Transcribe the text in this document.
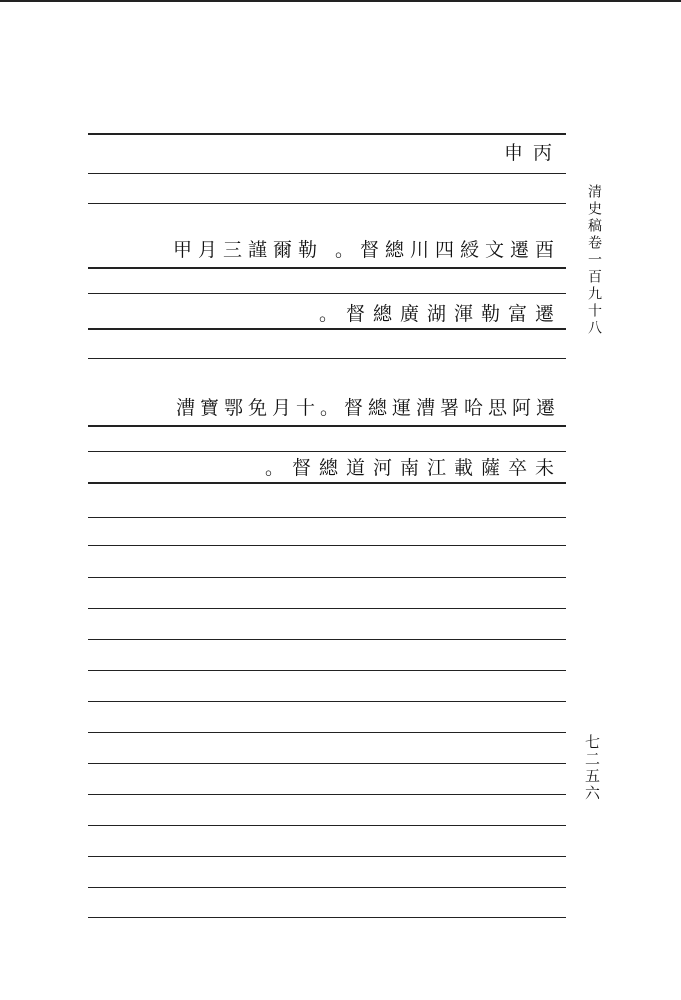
丙申
酉遷文綬四川總督。 勒爾謹三月甲
遷富勒渾湖廣總督。
遷阿思哈署漕運總督。十月免鄂寶漕
未卒薩載江南河道總督。
清史稿卷一百九十八
七二五六
